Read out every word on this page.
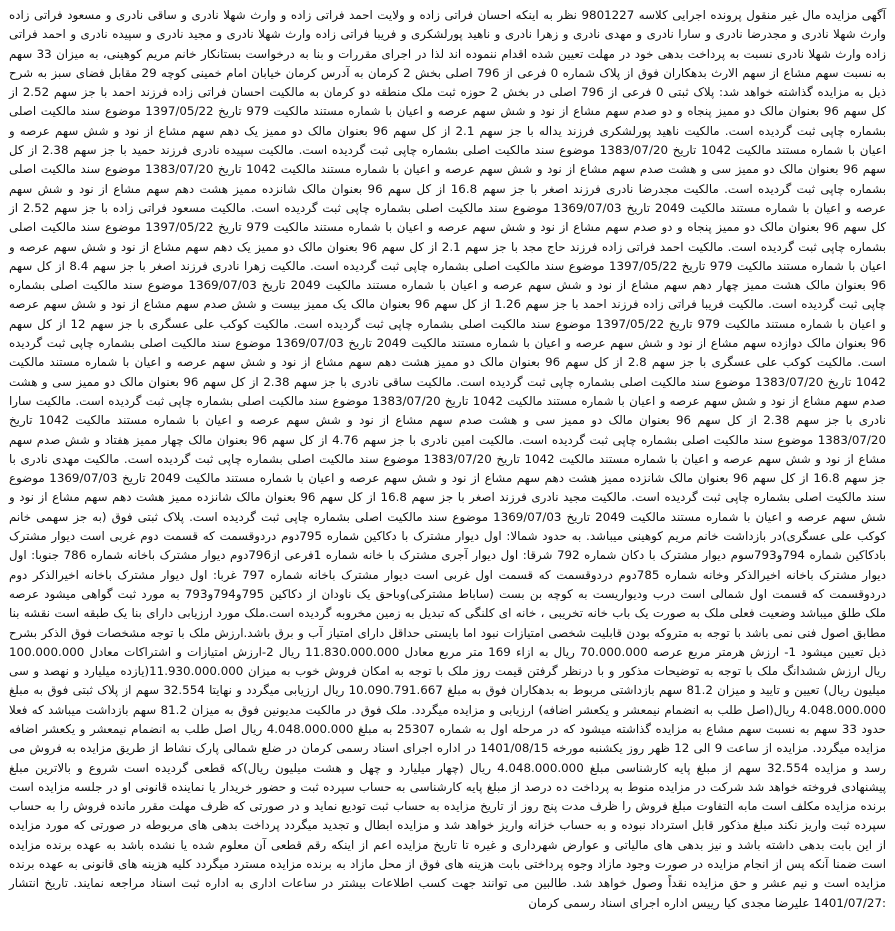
آگهی مزایده مال غیر منقول پرونده اجرایی کلاسه 9801227 نظر به اینکه احسان فراتی زاده و ولایت احمد فراتی زاده و وارث شهلا نادری و ساقی نادری و مسعود فراتی زاده وارث شهلا نادری و مجدرضا نادری و سارا نادری و مهدی نادری و زهرا نادری و ناهید پورلشکری و فریبا فراتی زاده وارث شهلا نادری و مجید نادری و سپیده نادری و احمد فراتی زاده وارث شهلا نادری نسبت به پرداخت بدهی خود در مهلت تعیین شده اقدام ننموده اند لذا در اجرای مقررات و بنا به درخواست بستانکار خانم مریم کوهینی، به میزان 33 سهم به نسبت سهم مشاع از سهم الارث بدهکاران فوق از پلاک شماره 0 فرعی از 796 اصلی بخش 2 کرمان به آدرس کرمان خیابان امام خمینی کوچه 29 مقابل فضای سبز به شرح ذیل به مزایده گذاشته خواهد شد: پلاک ثبتی 0 فرعی از 796 اصلی در بخش 2 حوزه ثبت ملک منطقه دو کرمان به مالکیت احسان فراتی زاده فرزند احمد با جز سهم 2.52 از کل سهم 96 بعنوان مالک دو ممیز پنجاه و دو صدم سهم مشاع از نود و شش سهم عرصه و اعیان با شماره مستند مالکیت 979 تاریخ 1397/05/22 موضوع سند مالکیت اصلی بشماره چاپی ثبت گردیده است. مالکیت ناهید پورلشکری فرزند یداله با جز سهم 2.1 از کل سهم 96 بعنوان مالک دو ممیز یک دهم سهم مشاع از نود و شش سهم عرصه و اعیان با شماره مستند مالکیت 1042 تاریخ 1383/07/20 موضوع سند مالکیت اصلی بشماره چاپی ثبت گردیده است. مالکیت سپیده نادری فرزند حمید با جز سهم 2.38 از کل سهم 96 بعنوان مالک دو ممیز سی و هشت صدم سهم مشاع از نود و شش سهم عرصه و اعیان با شماره مستند مالکیت 1042 تاریخ 1383/07/20 موضوع سند مالکیت اصلی بشماره چاپی ثبت گردیده است. مالکیت مجدرضا نادری فرزند اصغر با جز سهم 16.8 از کل سهم 96 بعنوان مالک شانزده ممیز هشت دهم سهم مشاع از نود و شش سهم عرصه و اعیان با شماره مستند مالکیت 2049 تاریخ 1369/07/03 موضوع سند مالکیت اصلی بشماره چاپی ثبت گردیده است. مالکیت مسعود فراتی زاده با جز سهم 2.52 از کل سهم 96 بعنوان مالک دو ممیز پنجاه و دو صدم سهم مشاع از نود و شش سهم عرصه و اعیان با شماره مستند مالکیت 979 تاریخ 1397/05/22 موضوع سند مالکیت اصلی بشماره چاپی ثبت گردیده است. مالکیت احمد فراتی زاده فرزند حاج مجد با جز سهم 2.1 از کل سهم 96 بعنوان مالک دو ممیز یک دهم سهم مشاع از نود و شش سهم عرصه و اعیان با شماره مستند مالکیت 979 تاریخ 1397/05/22 موضوع سند مالکیت اصلی بشماره چاپی ثبت گردیده است. مالکیت زهرا نادری فرزند اصغر با جز سهم 8.4 از کل سهم 96 بعنوان مالک هشت ممیز چهار دهم سهم مشاع از نود و شش سهم عرصه و اعیان با شماره مستند مالکیت 2049 تاریخ 1369/07/03 موضوع سند مالکیت اصلی بشماره چاپی ثبت گردیده است. مالکیت فریبا فراتی زاده فرزند احمد با جز سهم 1.26 از کل سهم 96 بعنوان مالک یک ممیز بیست و شش صدم سهم مشاع از نود و شش سهم عرصه و اعیان با شماره مستند مالکیت 979 تاریخ 1397/05/22 موضوع سند مالکیت اصلی بشماره چاپی ثبت گردیده است. مالکیت کوکب علی عسگری با جز سهم 12 از کل سهم 96 بعنوان مالک دوازده سهم مشاع از نود و شش سهم عرصه و اعیان با شماره مستند مالکیت 2049 تاریخ 1369/07/03 موضوع سند مالکیت اصلی بشماره چاپی ثبت گردیده است. مالکیت کوکب علی عسگری با جز سهم 2.8 از کل سهم 96 بعنوان مالک دو ممیز هشت دهم سهم مشاع از نود و شش سهم عرصه و اعیان با شماره مستند مالکیت 1042 تاریخ 1383/07/20 موضوع سند مالکیت اصلی بشماره چاپی ثبت گردیده است. مالکیت ساقی نادری با جز سهم 2.38 از کل سهم 96 بعنوان مالک دو ممیز سی و هشت صدم سهم مشاع از نود و شش سهم عرصه و اعیان با شماره مستند مالکیت 1042 تاریخ 1383/07/20 موضوع سند مالکیت اصلی بشماره چاپی ثبت گردیده است. مالکیت سارا نادری با جز سهم 2.38 از کل سهم 96 بعنوان مالک دو ممیز سی و هشت صدم سهم مشاع از نود و شش سهم عرصه و اعیان با شماره مستند مالکیت 1042 تاریخ 1383/07/20 موضوع سند مالکیت اصلی بشماره چاپی ثبت گردیده است. مالکیت امین نادری با جز سهم 4.76 از کل سهم 96 بعنوان مالک چهار ممیز هفتاد و شش صدم سهم مشاع از نود و شش سهم عرصه و اعیان با شماره مستند مالکیت 1042 تاریخ 1383/07/20 موضوع سند مالکیت اصلی بشماره چاپی ثبت گردیده است. مالکیت مهدی نادری با جز سهم 16.8 از کل سهم 96 بعنوان مالک شانزده ممیز هشت دهم سهم مشاع از نود و شش سهم عرصه و اعیان با شماره مستند مالکیت 2049 تاریخ 1369/07/03 موضوع سند مالکیت اصلی بشماره چاپی ثبت گردیده است. مالکیت مجید نادری فرزند اصغر با جز سهم 16.8 از کل سهم 96 بعنوان مالک شانزده ممیز هشت دهم سهم مشاع از نود و شش سهم عرصه و اعیان با شماره مستند مالکیت 2049 تاریخ 1369/07/03 موضوع سند مالکیت اصلی بشماره چاپی ثبت گردیده است. پلاک ثبتی فوق (به جز سهمی خانم کوکب علی عسگری)در بازداشت خانم مریم کوهینی میباشد. به حدود شمالا: اول دیوار مشترک با دکاکین شماره 795دوم دردوقسمت که قسمت دوم غربی است دیوار مشترک بادکاکین شماره 794و793سوم دیوار مشترک با دکان شماره 792 شرقا: اول دیوار آجری مشترک با خانه شماره 1فرعی از796دوم دیوار مشترک باخانه شماره 786 جنوبا: اول دیوار مشترک باخانه اخیرالذکر وخانه شماره 785دوم دردوقسمت که قسمت اول غربی است دیوار مشترک باخانه شماره 797 غربا: اول دیوار مشترک باخانه اخیرالذکر دوم دردوقسمت که قسمت اول شمالی است درب ودیواریست به کوچه بن بست (ساباط مشترکی)وباحق یک ناودان از دکاکین 795و794و793 به مورد ثبت گواهی میشود عرصه ملک طلق میباشد وضعیت فعلی ملک به صورت یک باب خانه تخریبی ، خانه ای کلنگی که تبدیل به زمین مخروبه گردیده است.ملک مورد ارزیابی دارای بنا یک طبقه است نقشه بنا مطابق اصول فنی نمی باشد با توجه به متروکه بودن قابلیت شخصی امتیازات نبود اما بایستی حداقل دارای امتیاز آب و برق باشد.ارزش ملک با توجه مشخصات فوق الذکر بشرح ذیل تعیین میشود 1- ارزش هرمتر مربع عرصه 70.000.000 ریال به ازاء 169 متر مربع معادل 11.830.000.000 ریال 2-ارزش امتیازات و اشتراکات معادل 100.000.000 ریال ارزش ششدانگ ملک با توجه به توضیحات مذکور و با درنظر گرفتن قیمت روز ملک با توجه به امکان فروش خوب به میزان 11.930.000.000(یازده میلیارد و نهصد و سی میلیون ریال) تعیین و تایید و میزان 81.2 سهم بازداشتی مربوط به بدهکاران فوق به مبلغ 10.090.791.667 ریال ارزیابی میگردد و نهایتا 32.554 سهم از پلاک ثبتی فوق به مبلغ 4.048.000.000 ریال(اصل طلب به انضمام نیمعشر و یکعشر اضافه) ارزیابی و مزایده میگردد. ملک فوق در مالکیت مدیونین فوق به میزان 81.2 سهم بازداشت میباشد که فعلا حدود 33 سهم به نسبت سهم مشاع به مزایده گذاشته میشود که در مرحله اول به شماره 25307 به مبلغ 4.048.000.000 ریال اصل طلب به انضمام نیمعشر و یکعشر اضافه مزایده میگردد. مزایده از ساعت 9 الی 12 ظهر روز یکشنبه مورخه 1401/08/15 در اداره اجرای اسناد رسمی کرمان در ضلع شمالی پارک نشاط از طریق مزایده به فروش می رسد و مزایده 32.554 سهم از مبلغ پایه کارشناسی مبلغ 4.048.000.000 ریال (چهار میلیارد و چهل و هشت میلیون ریال)که قطعی گردیده است شروع و بالاترین مبلغ پیشنهادی فروخته خواهد شد شرکت در مزایده منوط به پرداخت ده درصد از مبلغ پایه کارشناسی به حساب سپرده ثبت و حضور خریدار یا نماینده قانونی او در جلسه مزایده است برنده مزایده مکلف است مابه التفاوت مبلغ فروش را ظرف مدت پنج روز از تاریخ مزایده به حساب ثبت تودیع نماید و در صورتی که ظرف مهلت مقرر مانده فروش را به حساب سپرده ثبت واریز نکند مبلغ مذکور قابل استرداد نبوده و به حساب خزانه واریز خواهد شد و مزایده ابطال و تجدید میگردد پرداخت بدهی های مربوطه در صورتی که مورد مزایده از این بابت بدهی داشته باشد و نیز بدهی های مالیاتی و عوارض شهرداری و غیره تا تاریخ مزایده اعم از اینکه رقم قطعی آن معلوم شده یا نشده باشد به عهده برنده مزایده است ضمنا آنکه پس از انجام مزایده در صورت وجود مازاد وجوه پرداختی بابت هزینه های فوق از محل مازاد به برنده مزایده مسترد میگردد کلیه هزینه های قانونی به عهده برنده مزایده است و نیم عشر و حق مزایده نقداً وصول خواهد شد. طالبین می توانند جهت کسب اطلاعات بیشتر در ساعات اداری به اداره ثبت اسناد مراجعه نمایند. تاریخ انتشار :1401/07/27 علیرضا مجدی کیا رییس اداره اجرای اسناد رسمی کرمان
